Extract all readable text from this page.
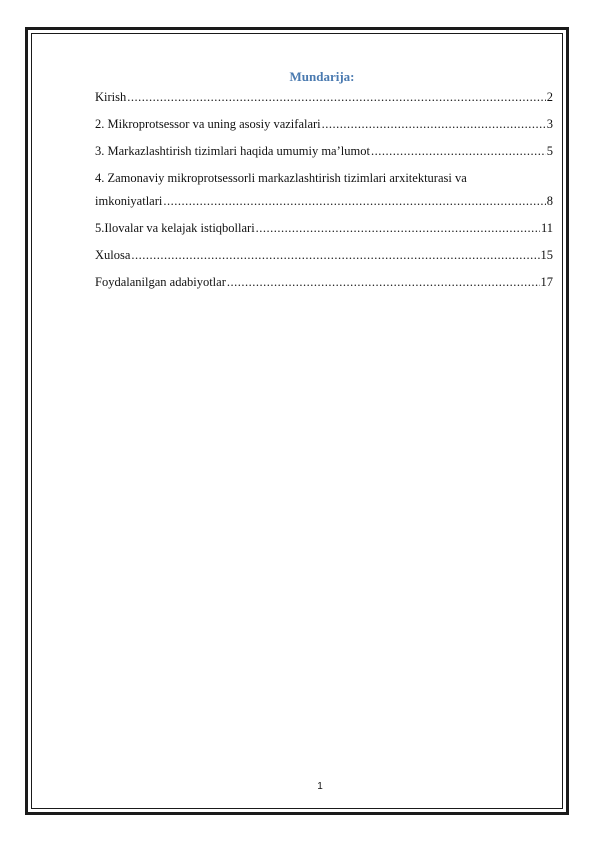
Mundarija:
Kirish .....	2
2. Mikroprotsessor va uning asosiy vazifalari .....	3
3. Markazlashtirish tizimlari haqida umumiy ma’lumot .....	5
4. Zamonaviy mikroprotsessorli markazlashtirish tizimlari arxitekturasi va
imkoniyatlari .....	8
5.Ilovalar va kelajak istiqbollari .....	11
Xulosa .....	15
Foydalanilgan adabiyotlar .....	17
1
